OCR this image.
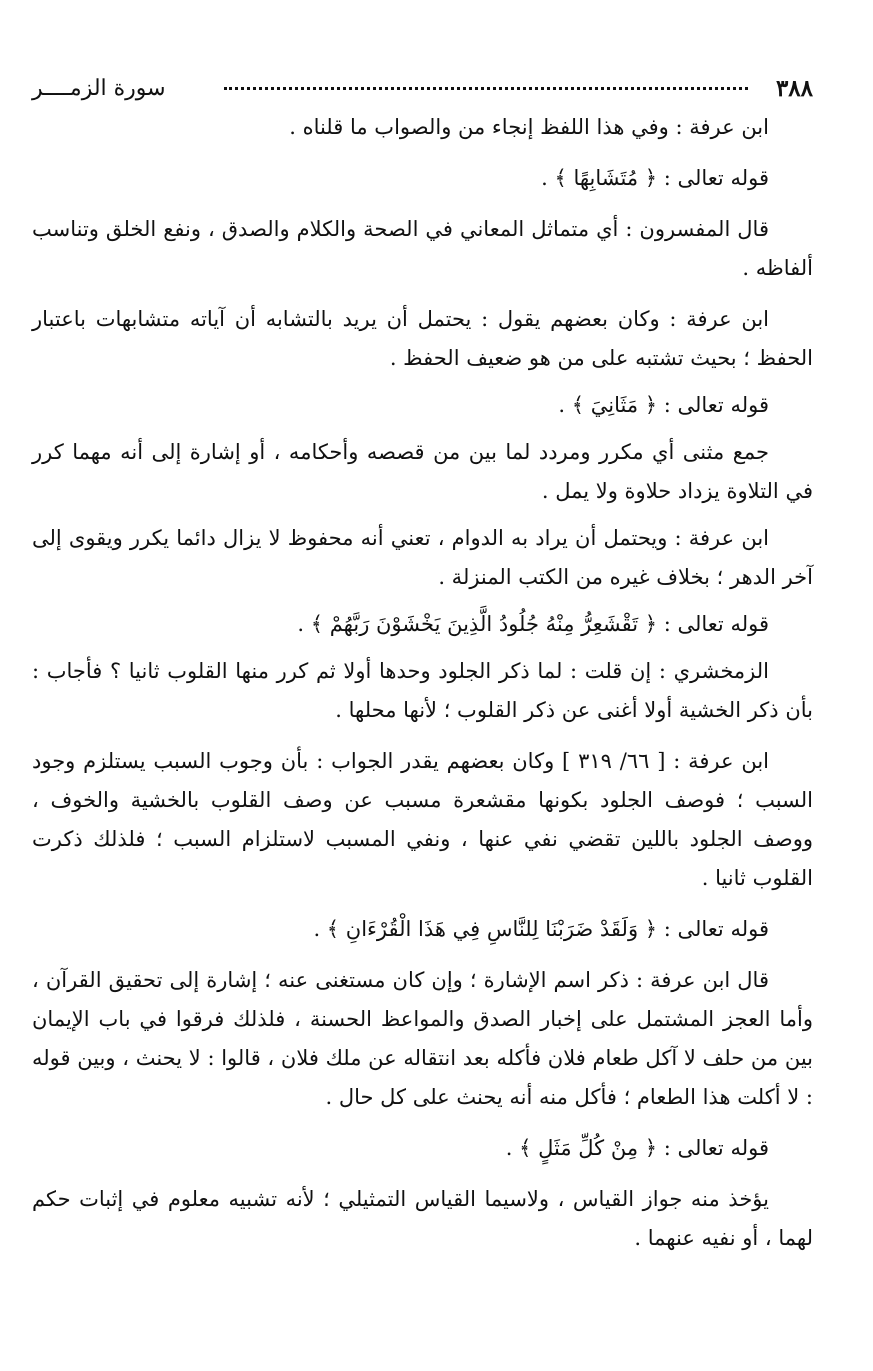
٣٨٨
سورة الزمــــر

ابن عرفة : وفي هذا اللفظ إنجاء من والصواب ما قلناه .

قوله تعالى : ﴿ مُتَشَابِهًا ﴾ .

قال المفسرون : أي متماثل المعاني في الصحة والكلام والصدق ، ونفع الخلق وتناسب ألفاظه .

ابن عرفة : وكان بعضهم يقول : يحتمل أن يريد بالتشابه أن آياته متشابهات باعتبار الحفظ ؛ بحيث تشتبه على من هو ضعيف الحفظ .

قوله تعالى : ﴿ مَثَانِيَ ﴾ .

جمع مثنى أي مكرر ومردد لما بين من قصصه وأحكامه ، أو إشارة إلى أنه مهما كرر في التلاوة يزداد حلاوة ولا يمل .

ابن عرفة : ويحتمل أن يراد به الدوام ، تعني أنه محفوظ لا يزال دائما يكرر ويقوى إلى آخر الدهر ؛ بخلاف غيره من الكتب المنزلة .

قوله تعالى : ﴿ تَقْشَعِرُّ مِنْهُ جُلُودُ الَّذِينَ يَخْشَوْنَ رَبَّهُمْ ﴾ .

الزمخشري : إن قلت : لما ذكر الجلود وحدها أولا ثم كرر منها القلوب ثانيا ؟ فأجاب : بأن ذكر الخشية أولا أغنى عن ذكر القلوب ؛ لأنها محلها .

ابن عرفة : [ ٦٦/ ٣١٩ ] وكان بعضهم يقدر الجواب : بأن وجوب السبب يستلزم وجود السبب ؛ فوصف الجلود بكونها مقشعرة مسبب عن وصف القلوب بالخشية والخوف ، ووصف الجلود باللين تقضي نفي عنها ، ونفي المسبب لاستلزام السبب ؛ فلذلك ذكرت القلوب ثانيا .

قوله تعالى : ﴿ وَلَقَدْ ضَرَبْنَا لِلنَّاسِ فِي هَذَا الْقُرْءَانِ ﴾ .

قال ابن عرفة : ذكر اسم الإشارة ؛ وإن كان مستغنى عنه ؛ إشارة إلى تحقيق القرآن ، وأما العجز المشتمل على إخبار الصدق والمواعظ الحسنة ، فلذلك فرقوا في باب الإيمان بين من حلف لا آكل طعام فلان فأكله بعد انتقاله عن ملك فلان ، قالوا : لا يحنث ، وبين قوله : لا أكلت هذا الطعام ؛ فأكل منه أنه يحنث على كل حال .

قوله تعالى : ﴿ مِنْ كُلِّ مَثَلٍ ﴾ .

يؤخذ منه جواز القياس ، ولاسيما القياس التمثيلي ؛ لأنه تشبيه معلوم في إثبات حكم لهما ، أو نفيه عنهما .
